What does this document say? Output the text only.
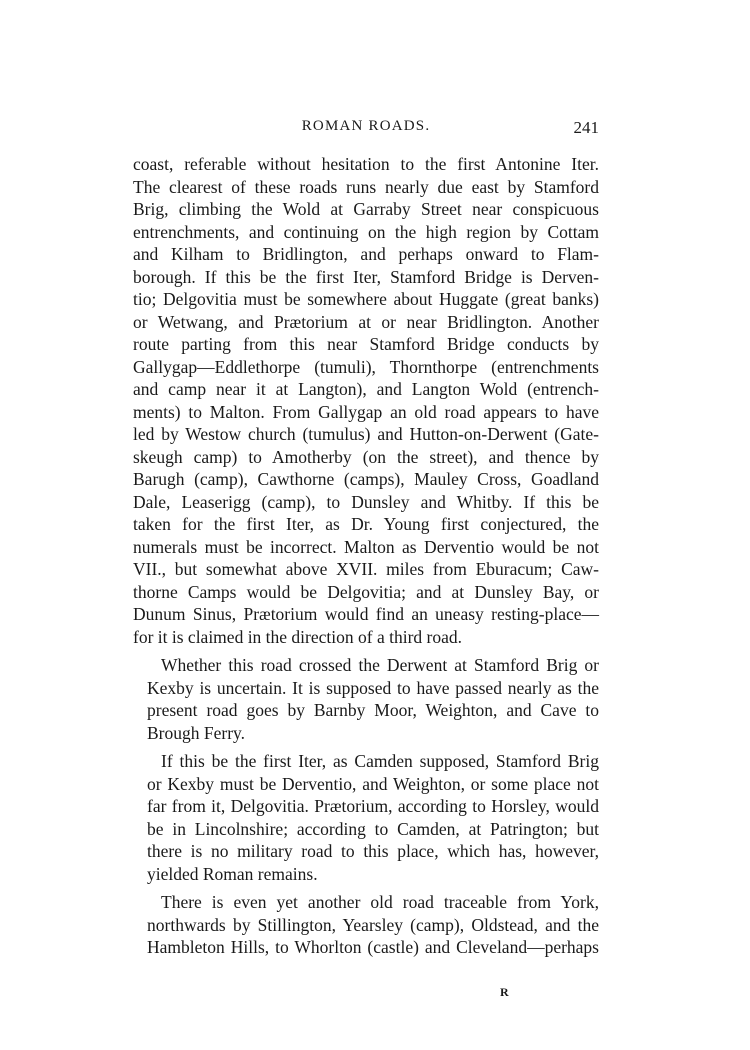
ROMAN ROADS.	241

coast, referable without hesitation to the first Antonine Iter.
The clearest of these roads runs nearly due east by Stamford
Brig, climbing the Wold at Garraby Street near conspicuous
entrenchments, and continuing on the high region by Cottam
and Kilham to Bridlington, and perhaps onward to Flam-
borough. If this be the first Iter, Stamford Bridge is Derven-
tio; Delgovitia must be somewhere about Huggate (great banks)
or Wetwang, and Prætorium at or near Bridlington. Another
route parting from this near Stamford Bridge conducts by
Gallygap—Eddlethorpe (tumuli), Thornthorpe (entrenchments
and camp near it at Langton), and Langton Wold (entrench-
ments) to Malton. From Gallygap an old road appears to have
led by Westow church (tumulus) and Hutton-on-Derwent (Gate-
skeugh camp) to Amotherby (on the street), and thence by
Barugh (camp), Cawthorne (camps), Mauley Cross, Goadland
Dale, Leaserigg (camp), to Dunsley and Whitby. If this be
taken for the first Iter, as Dr. Young first conjectured, the
numerals must be incorrect. Malton as Derventio would be not
VII., but somewhat above XVII. miles from Eburacum; Caw-
thorne Camps would be Delgovitia; and at Dunsley Bay, or
Dunum Sinus, Prætorium would find an uneasy resting-place—
for it is claimed in the direction of a third road.

Whether this road crossed the Derwent at Stamford Brig or
Kexby is uncertain. It is supposed to have passed nearly as the
present road goes by Barnby Moor, Weighton, and Cave to
Brough Ferry.

If this be the first Iter, as Camden supposed, Stamford Brig
or Kexby must be Derventio, and Weighton, or some place not
far from it, Delgovitia. Prætorium, according to Horsley, would
be in Lincolnshire; according to Camden, at Patrington; but
there is no military road to this place, which has, however,
yielded Roman remains.

There is even yet another old road traceable from York,
northwards by Stillington, Yearsley (camp), Oldstead, and the
Hambleton Hills, to Whorlton (castle) and Cleveland—perhaps

R
